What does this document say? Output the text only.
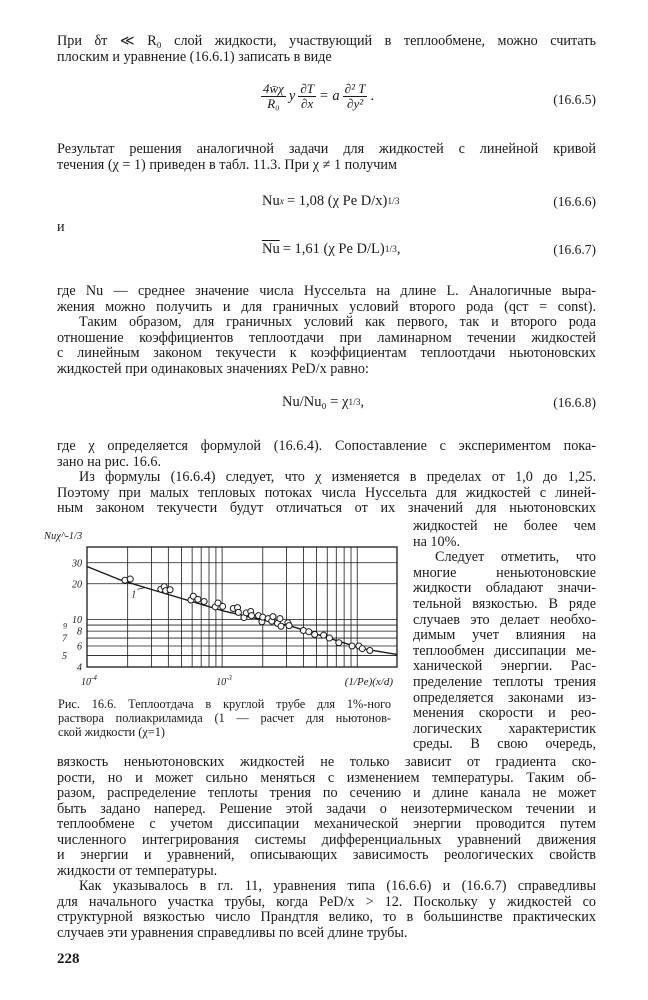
При δт ≪ R₀ слой жидкости, участвующий в теплообмене, можно считать
плоским и уравнение (16.6.1) записать в виде
$\frac{4w̄\chi}{\text{R₀}}$ y $\frac{\partial T}{\partial x} = a \frac{\text{∂² T}}{\text{∂y²}}$ .	(16.6.5)
Результат решения аналогичной задачи для жидкостей с линейной кривой
течения (χ = 1) приведен в табл. 11.3. При χ ≠ 1 получим
Nu x = 1,08 (χ Pe D/x) 1/3	(16.6.6)
и
$\overline{Nu} = 1,61$ (χ Pe D/L) 1/3 ,	(16.6.7)
где Nu — среднее значение числа Нуссельта на длине L. Аналогичные выра-
жения можно получить и для граничных условий второго рода (qст = const).
Таким образом, для граничных условий как первого, так и второго рода
отношение коэффициентов теплоотдачи при ламинарном течении жидкостей
с линейным законом текучести к коэффициентам теплоотдачи ньютоновских
жидкостей при одинаковых значениях PeD/x равно:
Nu/Nu₀ = χ 1/3 ,	(16.6.8)
где χ определяется формулой (16.6.4). Сопоставление с экспериментом пока-
зано на рис. 16.6.
Из формулы (16.6.4) следует, что χ изменяется в пределах от 1,0 до 1,25.
Поэтому при малых тепловых потоках числа Нуссельта для жидкостей с линей-
ным законом текучести будут отличаться от их значений для ньютоновских
жидкостей не более чем
на 10%.
Следует отметить, что
многие неньютоновские
жидкости обладают значи-
тельной вязкостью. В ряде
случаев это делает необхо-
димым учет влияния на
теплообмен диссипации ме-
ханической энергии. Рас-
пределение теплоты трения
определяется законами из-
менения скорости и рео-
логических характеристик
среды. В свою очередь,
30
20
10
9
8
7
6
5
4
$10^{-4}$	$10^{-3}$	(1/Pe)(x/d)
Nuχ^-1/3
1
Рис. 16.6. Теплоотдача в круглой трубе для 1%-ного
раствора полиакриламида (1 — расчет для ньютонов-
ской жидкости (χ=1)
вязкость неньютоновских жидкостей не только зависит от градиента ско-
рости, но и может сильно меняться с изменением температуры. Таким об-
разом, распределение теплоты трения по сечению и длине канала не может
быть задано наперед. Решение этой задачи о неизотермическом течении и
теплообмене с учетом диссипации механической энергии проводится путем
численного интегрирования системы дифференциальных уравнений движения
и энергии и уравнений, описывающих зависимость реологических свойств
жидкости от температуры.
Как указывалось в гл. 11, уравнения типа (16.6.6) и (16.6.7) справедливы
для начального участка трубы, когда PeD/x > 12. Поскольку у жидкостей со
структурной вязкостью число Прандтля велико, то в большинстве практических
случаев эти уравнения справедливы по всей длине трубы.
228
